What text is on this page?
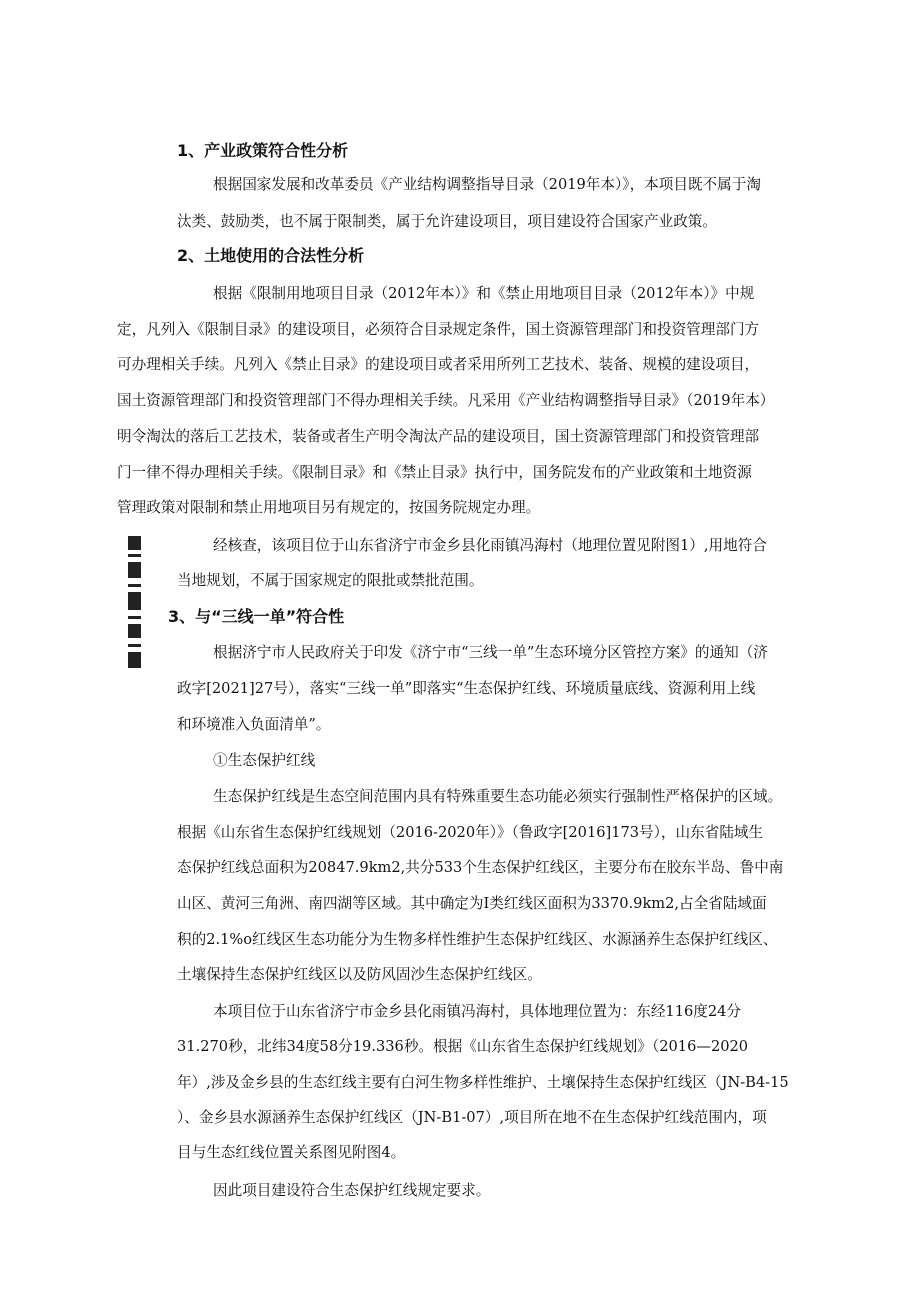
1、产业政策符合性分析
根据国家发展和改革委员《产业结构调整指导目录（2019年本）》，本项目既不属于淘
汰类、鼓励类，也不属于限制类，属于允许建设项目，项目建设符合国家产业政策。
2、土地使用的合法性分析
根据《限制用地项目目录（2012年本）》和《禁止用地项目目录（2012年本）》中规
定，凡列入《限制目录》的建设项目，必须符合目录规定条件，国土资源管理部门和投资管理部门方
可办理相关手续。凡列入《禁止目录》的建设项目或者采用所列工艺技术、装备、规模的建设项目，
国土资源管理部门和投资管理部门不得办理相关手续。凡采用《产业结构调整指导目录》（2019年本）
明令淘汰的落后工艺技术，装备或者生产明令淘汰产品的建设项目，国土资源管理部门和投资管理部
门一律不得办理相关手续。《限制目录》和《禁止目录》执行中，国务院发布的产业政策和土地资源
管理政策对限制和禁止用地项目另有规定的，按国务院规定办理。
经核查，该项目位于山东省济宁市金乡县化雨镇冯海村（地理位置见附图1）,用地符合
当地规划，不属于国家规定的限批或禁批范围。
3、与“三线一单”符合性
根据济宁市人民政府关于印发《济宁市“三线一单”生态环境分区管控方案》的通知（济
政字[2021]27号），落实“三线一单”即落实“生态保护红线、环境质量底线、资源利用上线
和环境准入负面清单”。
①生态保护红线
生态保护红线是生态空间范围内具有特殊重要生态功能必须实行强制性严格保护的区域。
根据《山东省生态保护红线规划（2016-2020年）》（鲁政字[2016]173号），山东省陆域生
态保护红线总面积为20847.9km2,共分533个生态保护红线区，主要分布在胶东半岛、鲁中南
山区、黄河三角洲、南四湖等区域。其中确定为I类红线区面积为3370.9km2,占全省陆域面
积的2.1%o红线区生态功能分为生物多样性维护生态保护红线区、水源涵养生态保护红线区、
土壤保持生态保护红线区以及防风固沙生态保护红线区。
本项目位于山东省济宁市金乡县化雨镇冯海村，具体地理位置为：东经116度24分
31.270秒，北纬34度58分19.336秒。根据《山东省生态保护红线规划》（2016—2020
年）,涉及金乡县的生态红线主要有白河生物多样性维护、土壤保持生态保护红线区（JN-B4-15
）、金乡县水源涵养生态保护红线区（JN-B1-07）,项目所在地不在生态保护红线范围内，项
目与生态红线位置关系图见附图4。
因此项目建设符合生态保护红线规定要求。
